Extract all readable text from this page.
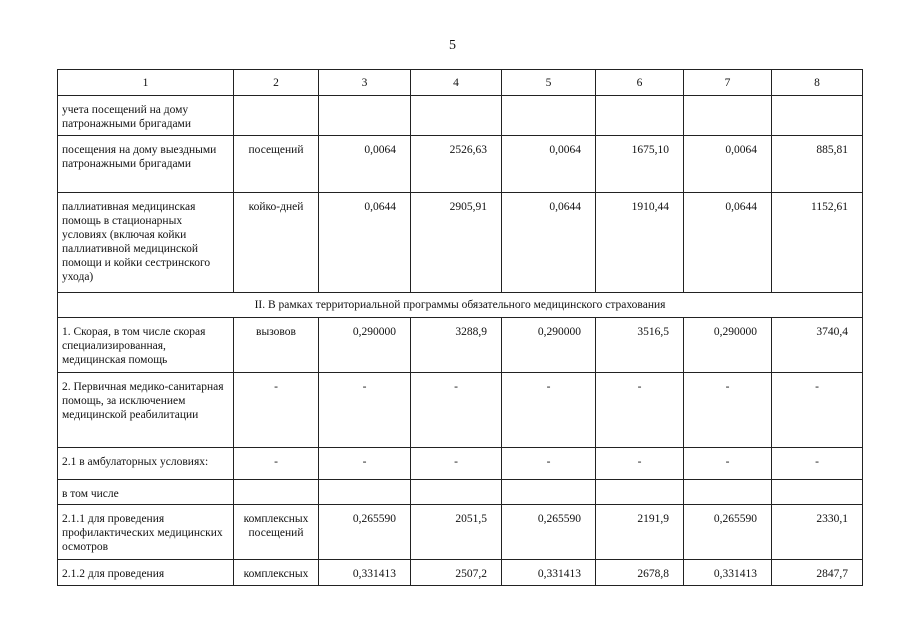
5
1	2	3	4	5	6	7	8
учета посещений на дому патронажными бригадами							
посещения на дому выездными патронажными бригадами	посещений	0,0064	2526,63	0,0064	1675,10	0,0064	885,81
паллиативная медицинская помощь в стационарных условиях (включая койки паллиативной медицинской помощи и койки сестринского ухода)	койко-дней	0,0644	2905,91	0,0644	1910,44	0,0644	1152,61
II. В рамках территориальной программы обязательного медицинского страхования							
1. Скорая, в том числе скорая специализированная, медицинская помощь	вызовов	0,290000	3288,9	0,290000	3516,5	0,290000	3740,4
2. Первичная медико-санитарная помощь, за исключением медицинской реабилитации	-	-	-	-	-	-	-
2.1 в амбулаторных условиях:	-	-	-	-	-	-	-
в том числе							
2.1.1 для проведения профилактических медицинских осмотров	комплексных посещений	0,265590	2051,5	0,265590	2191,9	0,265590	2330,1
2.1.2 для проведения	комплексных	0,331413	2507,2	0,331413	2678,8	0,331413	2847,7
